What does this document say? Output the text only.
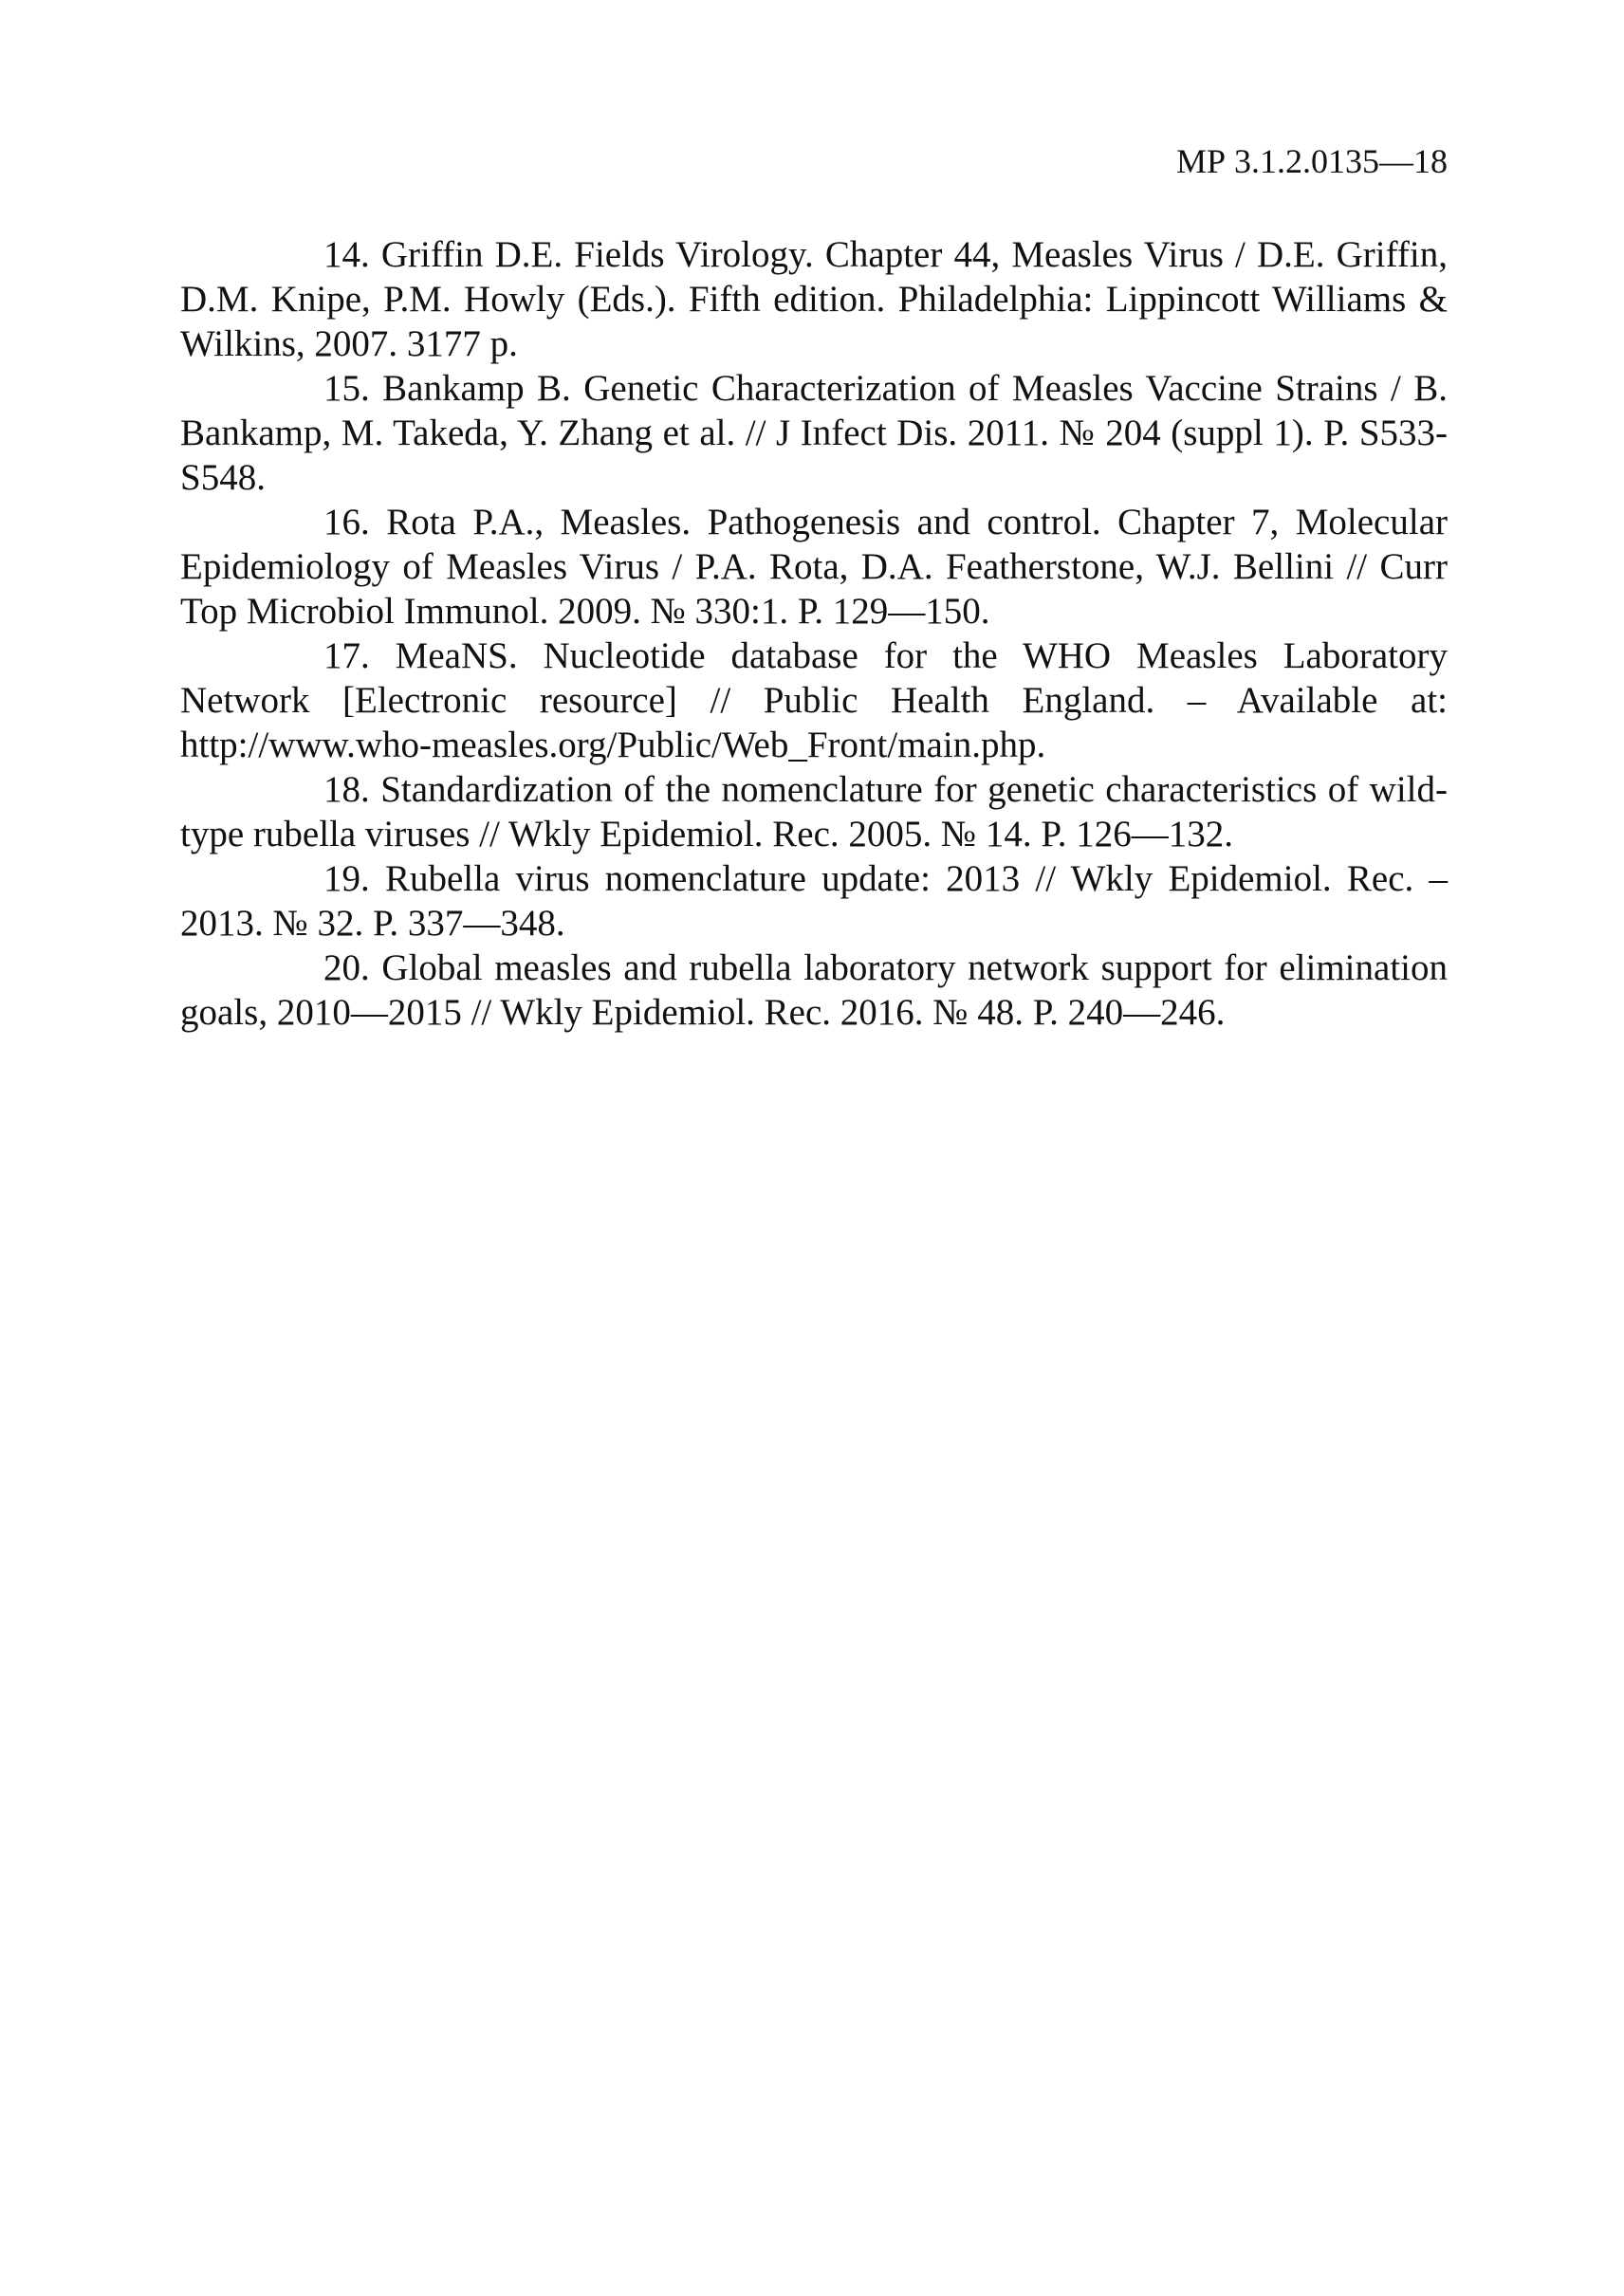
МР 3.1.2.0135—18

14. Griffin D.E. Fields Virology. Chapter 44, Measles Virus / D.E. Griffin, D.M. Knipe, P.M. Howly (Eds.). Fifth edition. Philadelphia: Lippincott Williams & Wilkins, 2007. 3177 p.

15. Bankamp B. Genetic Characterization of Measles Vaccine Strains / B. Bankamp, M. Takeda, Y. Zhang et al. // J Infect Dis. 2011. № 204 (suppl 1). P. S533-S548.

16. Rota P.A., Measles. Pathogenesis and control. Chapter 7, Molecular Epidemiology of Measles Virus / P.A. Rota, D.A. Featherstone, W.J. Bellini // Curr Top Microbiol Immunol. 2009. № 330:1. P. 129—150.

17. MeaNS. Nucleotide database for the WHO Measles Laboratory Network [Electronic resource] // Public Health England. – Available at: http://www.who-measles.org/Public/Web_Front/main.php.

18. Standardization of the nomenclature for genetic characteristics of wild-type rubella viruses // Wkly Epidemiol. Rec. 2005. № 14. P. 126—132.

19. Rubella virus nomenclature update: 2013 // Wkly Epidemiol. Rec. – 2013. № 32. P. 337—348.

20. Global measles and rubella laboratory network support for elimination goals, 2010—2015 // Wkly Epidemiol. Rec. 2016. № 48. P. 240—246.
